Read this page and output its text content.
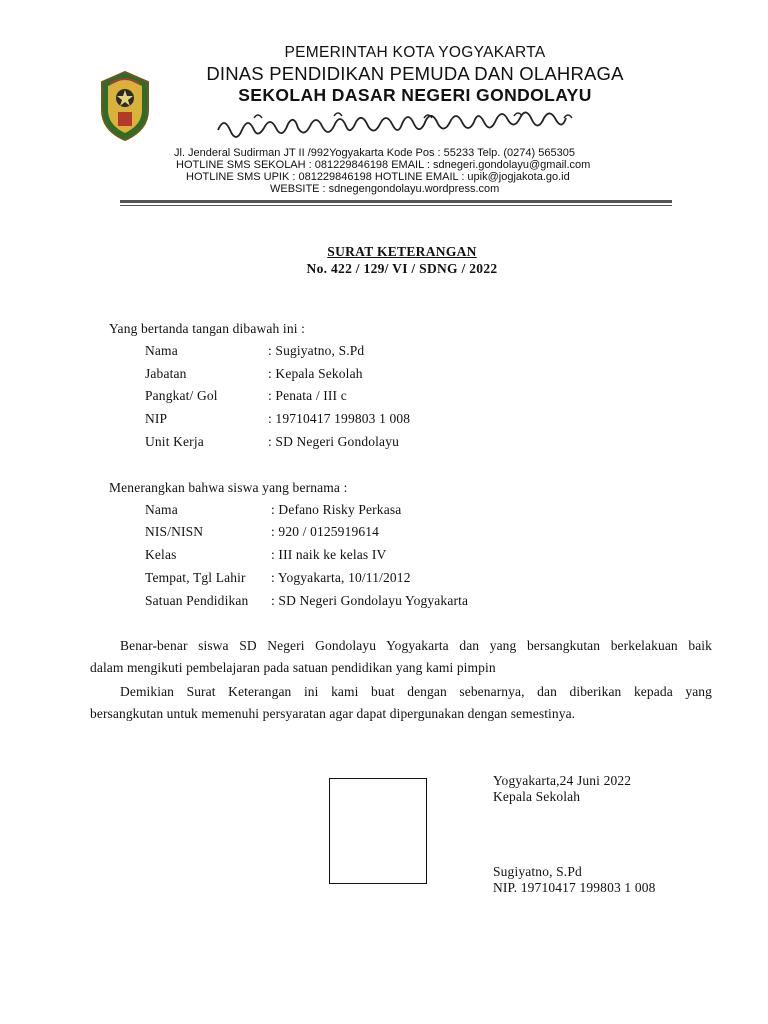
PEMERINTAH KOTA YOGYAKARTA
DINAS PENDIDIKAN PEMUDA DAN OLAHRAGA
SEKOLAH DASAR NEGERI GONDOLAYU
Jl. Jenderal Sudirman JT II /992Yogyakarta Kode Pos : 55233 Telp. (0274) 565305
HOTLINE SMS SEKOLAH : 081229846198 EMAIL : sdnegeri.gondolayu@gmail.com
HOTLINE SMS UPIK : 081229846198 HOTLINE EMAIL : upik@jogjakota.go.id
WEBSITE : sdnegengondolayu.wordpress.com
SURAT KETERANGAN
No. 422 / 129/ VI / SDNG / 2022
Yang bertanda tangan dibawah ini :
Nama	: Sugiyatno, S.Pd
Jabatan	: Kepala Sekolah
Pangkat/ Gol	: Penata / III c
NIP	: 19710417 199803 1 008
Unit Kerja	: SD Negeri Gondolayu
Menerangkan bahwa siswa yang bernama :
Nama	: Defano Risky Perkasa
NIS/NISN	: 920 / 0125919614
Kelas	: III naik ke kelas IV
Tempat, Tgl Lahir : Yogyakarta, 10/11/2012
Satuan Pendidikan : SD Negeri Gondolayu Yogyakarta
Benar-benar siswa SD Negeri Gondolayu Yogyakarta dan yang bersangkutan berkelakuan baik
dalam mengikuti pembelajaran pada satuan pendidikan yang kami pimpin
Demikian Surat Keterangan ini kami buat dengan sebenarnya, dan diberikan kepada yang
bersangkutan untuk memenuhi persyaratan agar dapat dipergunakan dengan semestinya.
Yogyakarta,24 Juni 2022
Kepala Sekolah
Sugiyatno, S.Pd
NIP. 19710417 199803 1 008
